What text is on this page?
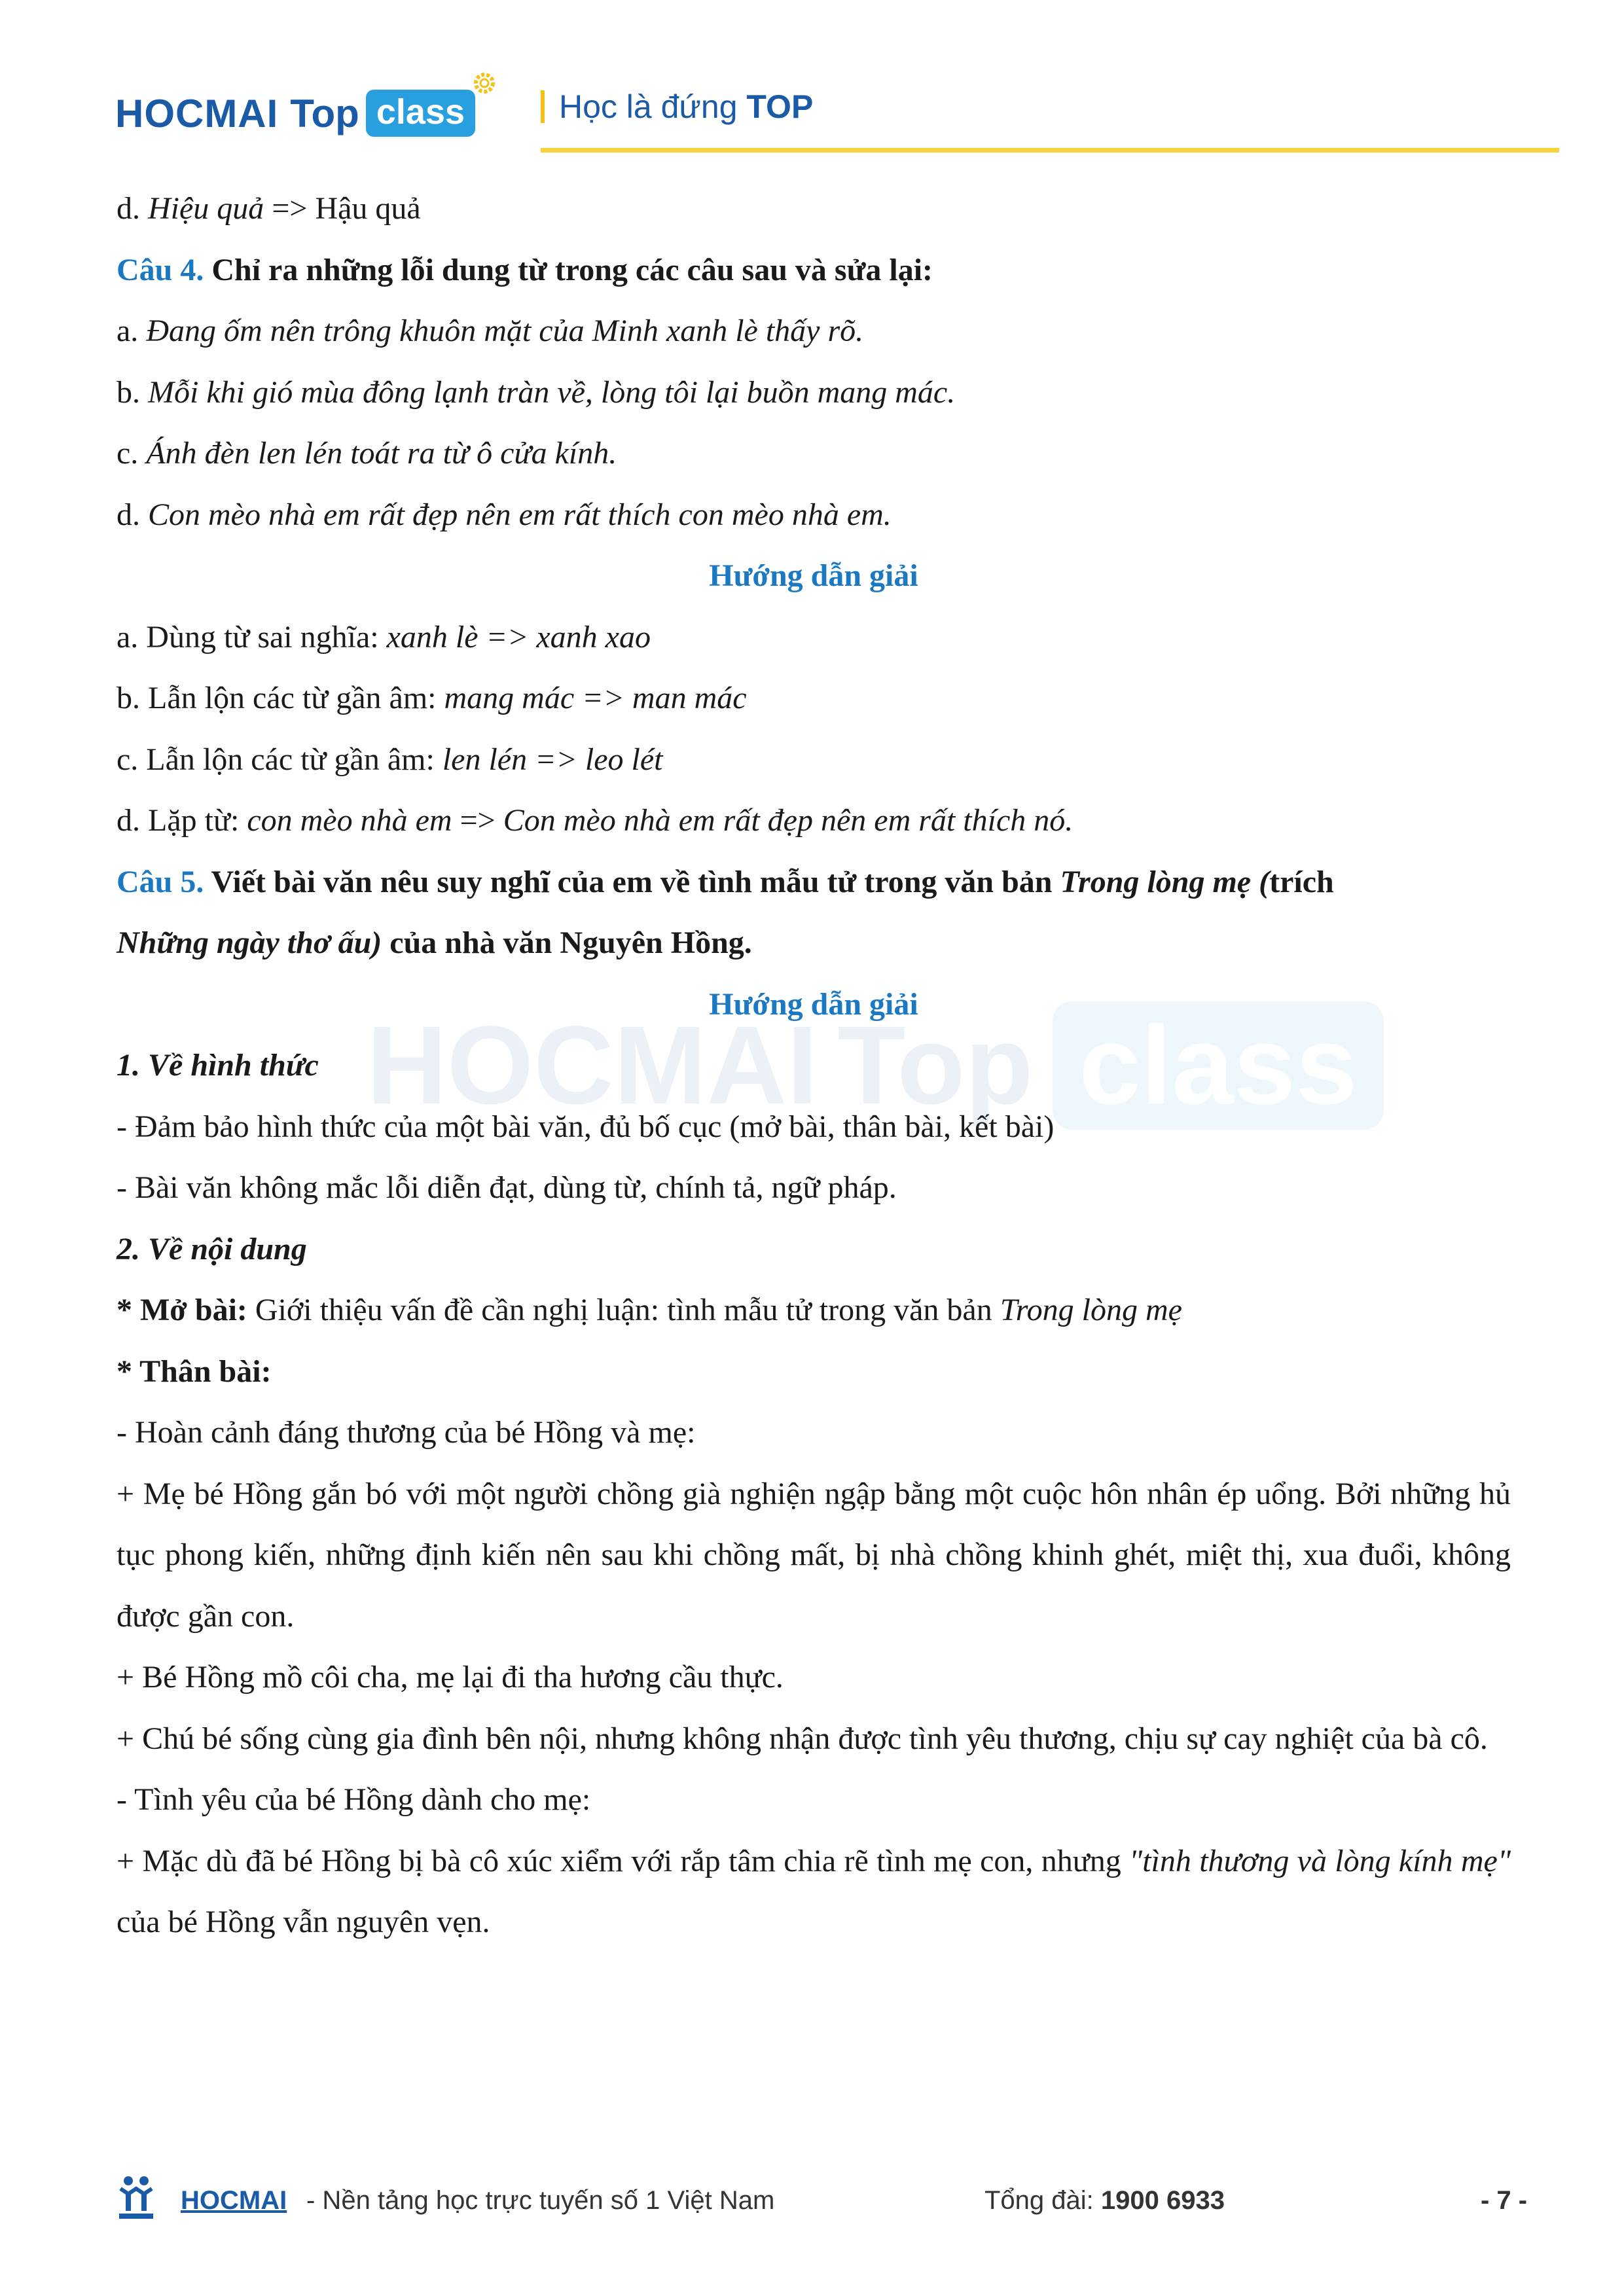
HOCMAI Top class	Học là đứng TOP
HOCMAI Top class

d. Hiệu quả => Hậu quả

Câu 4. Chỉ ra những lỗi dung từ trong các câu sau và sửa lại:

a. Đang ốm nên trông khuôn mặt của Minh xanh lè thấy rõ.

b. Mỗi khi gió mùa đông lạnh tràn về, lòng tôi lại buồn mang mác.

c. Ánh đèn len lén toát ra từ ô cửa kính.

d. Con mèo nhà em rất đẹp nên em rất thích con mèo nhà em.

Hướng dẫn giải

a. Dùng từ sai nghĩa: xanh lè => xanh xao

b. Lẫn lộn các từ gần âm: mang mác => man mác

c. Lẫn lộn các từ gần âm: len lén => leo lét

d. Lặp từ: con mèo nhà em => Con mèo nhà em rất đẹp nên em rất thích nó.

Câu 5. Viết bài văn nêu suy nghĩ của em về tình mẫu tử trong văn bản Trong lòng mẹ (trích
Những ngày thơ ấu) của nhà văn Nguyên Hồng.

Hướng dẫn giải

1. Về hình thức

- Đảm bảo hình thức của một bài văn, đủ bố cục (mở bài, thân bài, kết bài)

- Bài văn không mắc lỗi diễn đạt, dùng từ, chính tả, ngữ pháp.

2. Về nội dung

* Mở bài: Giới thiệu vấn đề cần nghị luận: tình mẫu tử trong văn bản Trong lòng mẹ

* Thân bài:

- Hoàn cảnh đáng thương của bé Hồng và mẹ:

+ Mẹ bé Hồng gắn bó với một người chồng già nghiện ngập bằng một cuộc hôn nhân ép uổng. Bởi những hủ tục phong kiến, những định kiến nên sau khi chồng mất, bị nhà chồng khinh ghét, miệt thị, xua đuổi, không được gần con.

+ Bé Hồng mồ côi cha, mẹ lại đi tha hương cầu thực.

+ Chú bé sống cùng gia đình bên nội, nhưng không nhận được tình yêu thương, chịu sự cay nghiệt của bà cô.

- Tình yêu của bé Hồng dành cho mẹ:

+ Mặc dù đã bé Hồng bị bà cô xúc xiểm với rắp tâm chia rẽ tình mẹ con, nhưng "tình thương và lòng kính mẹ" của bé Hồng vẫn nguyên vẹn.

HOCMAI - Nền tảng học trực tuyến số 1 Việt Nam	Tổng đài: 1900 6933	- 7 -
